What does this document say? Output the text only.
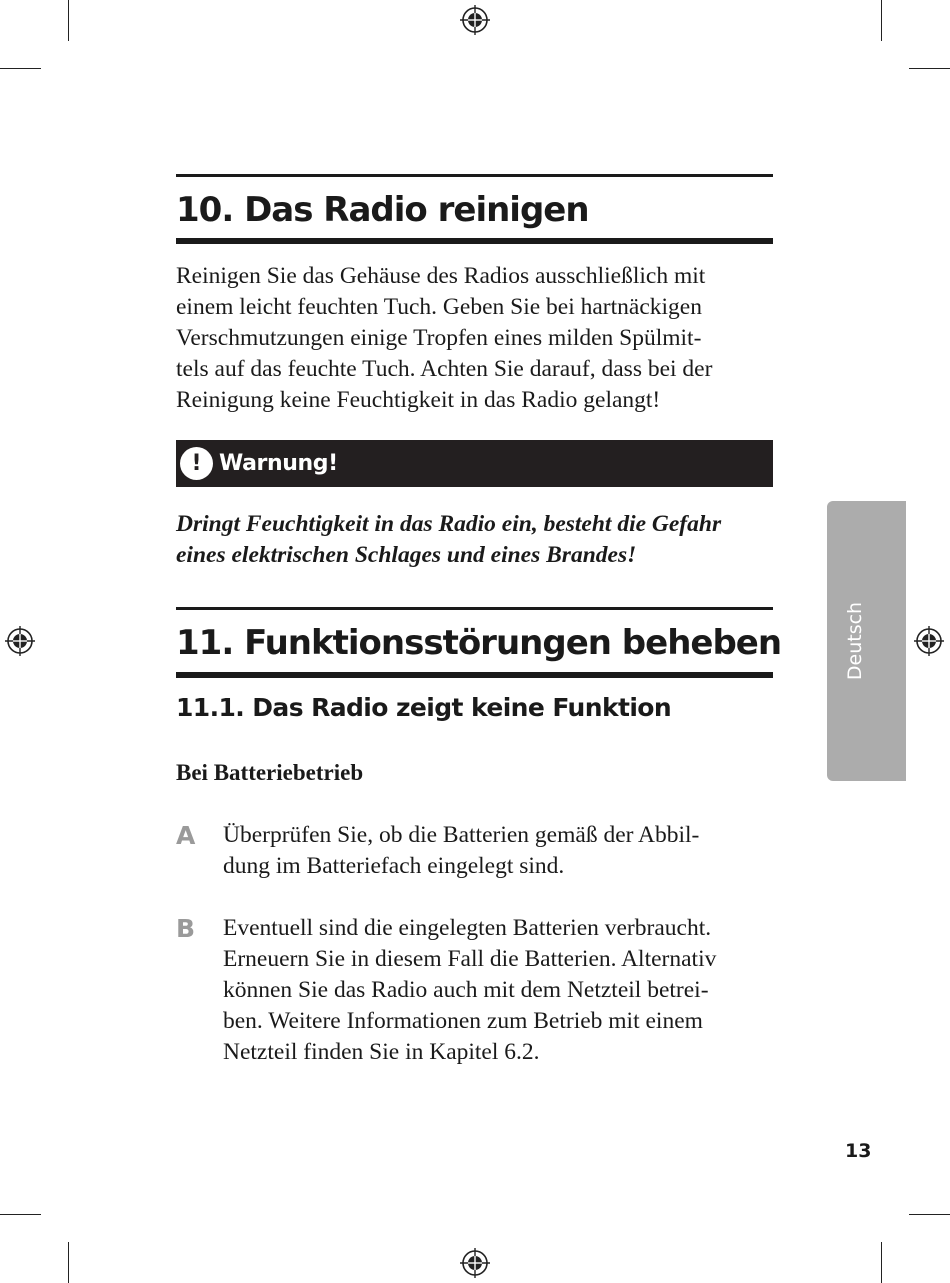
10. Das Radio reinigen
Reinigen Sie das Gehäuse des Radios ausschließlich mit
einem leicht feuchten Tuch. Geben Sie bei hartnäckigen
Verschmutzungen einige Tropfen eines milden Spülmit-
tels auf das feuchte Tuch. Achten Sie darauf, dass bei der
Reinigung keine Feuchtigkeit in das Radio gelangt!
! Warnung!
Dringt Feuchtigkeit in das Radio ein, besteht die Gefahr
eines elektrischen Schlages und eines Brandes!
11. Funktionsstörungen beheben
11.1. Das Radio zeigt keine Funktion
Bei Batteriebetrieb
A Überprüfen Sie, ob die Batterien gemäß der Abbil-
dung im Batteriefach eingelegt sind.
B Eventuell sind die eingelegten Batterien verbraucht.
Erneuern Sie in diesem Fall die Batterien. Alternativ
können Sie das Radio auch mit dem Netzteil betrei-
ben. Weitere Informationen zum Betrieb mit einem
Netzteil finden Sie in Kapitel 6.2.
Deutsch
13
